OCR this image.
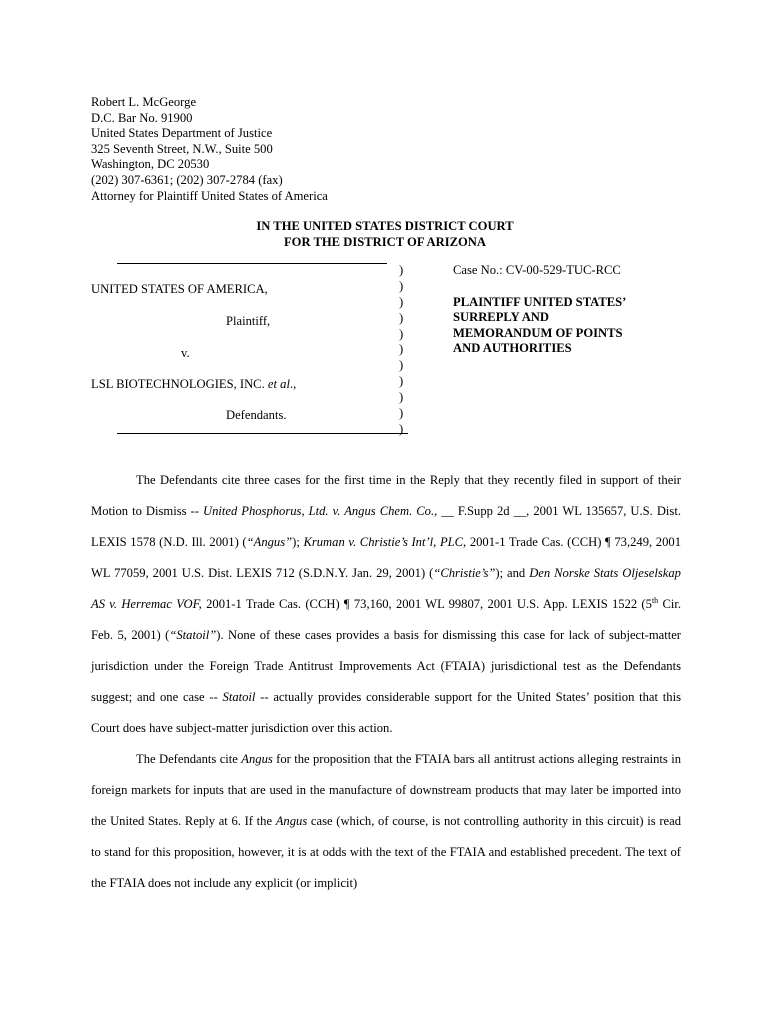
Robert L. McGeorge
D.C. Bar No. 91900
United States Department of Justice
325 Seventh Street, N.W., Suite 500
Washington, DC 20530
(202) 307-6361; (202) 307-2784 (fax)
Attorney for Plaintiff United States of America
IN THE UNITED STATES DISTRICT COURT
FOR THE DISTRICT OF ARIZONA
)
)
)
)
)
)
)
)
)
)
)
UNITED STATES OF AMERICA,
Plaintiff,
v.
LSL BIOTECHNOLOGIES, INC. et al.,
Defendants.
Case No.: CV-00-529-TUC-RCC
PLAINTIFF UNITED STATES’
SURREPLY AND
MEMORANDUM OF POINTS
AND AUTHORITIES

The Defendants cite three cases for the first time in the Reply that they recently filed in support of their Motion to Dismiss -- United Phosphorus, Ltd. v. Angus Chem. Co., __ F.Supp 2d __, 2001 WL 135657, U.S. Dist. LEXIS 1578 (N.D. Ill. 2001) (“Angus”); Kruman v. Christie’s Int’l, PLC, 2001-1 Trade Cas. (CCH) ¶ 73,249, 2001 WL 77059, 2001 U.S. Dist. LEXIS 712 (S.D.N.Y. Jan. 29, 2001) (“Christie’s”); and Den Norske Stats Oljeselskap AS v. Herremac VOF, 2001-1 Trade Cas. (CCH) ¶ 73,160, 2001 WL 99807, 2001 U.S. App. LEXIS 1522 (5th Cir. Feb. 5, 2001) (“Statoil”). None of these cases provides a basis for dismissing this case for lack of subject-matter jurisdiction under the Foreign Trade Antitrust Improvements Act (FTAIA) jurisdictional test as the Defendants suggest; and one case -- Statoil -- actually provides considerable support for the United States’ position that this Court does have subject-matter jurisdiction over this action.

The Defendants cite Angus for the proposition that the FTAIA bars all antitrust actions alleging restraints in foreign markets for inputs that are used in the manufacture of downstream products that may later be imported into the United States. Reply at 6. If the Angus case (which, of course, is not controlling authority in this circuit) is read to stand for this proposition, however, it is at odds with the text of the FTAIA and established precedent. The text of the FTAIA does not include any explicit (or implicit)
